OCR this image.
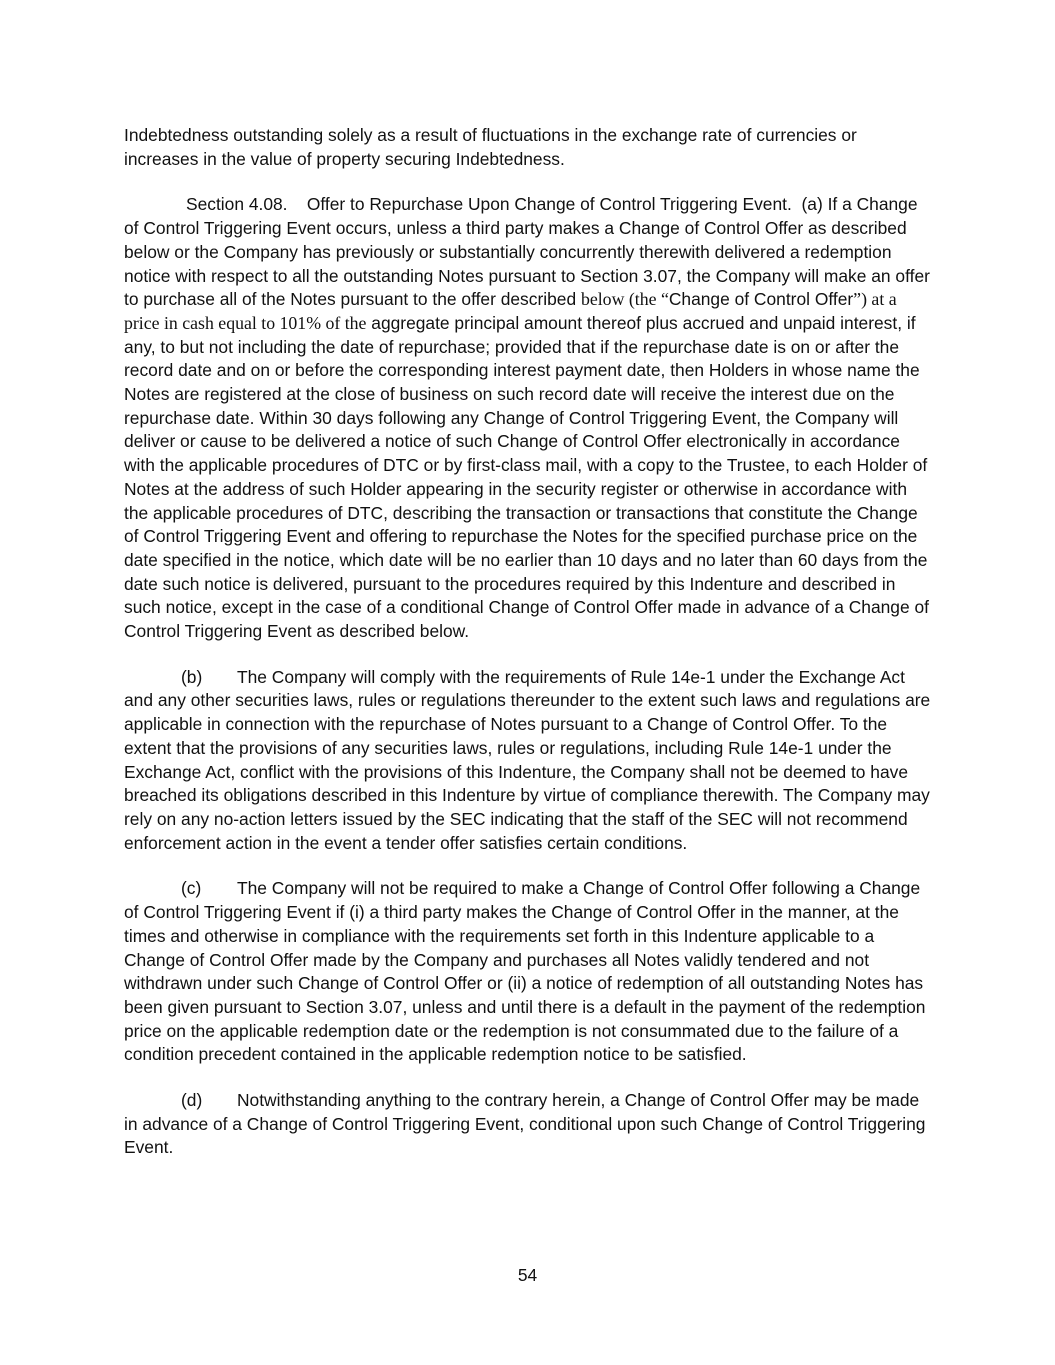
Indebtedness outstanding solely as a result of fluctuations in the exchange rate of currencies or increases in the value of property securing Indebtedness.

Section 4.08. Offer to Repurchase Upon Change of Control Triggering Event. (a) If a Change of Control Triggering Event occurs, unless a third party makes a Change of Control Offer as described below or the Company has previously or substantially concurrently therewith delivered a redemption notice with respect to all the outstanding Notes pursuant to Section 3.07, the Company will make an offer to purchase all of the Notes pursuant to the offer described below (the “Change of Control Offer”) at a price in cash equal to 101% of the aggregate principal amount thereof plus accrued and unpaid interest, if any, to but not including the date of repurchase; provided that if the repurchase date is on or after the record date and on or before the corresponding interest payment date, then Holders in whose name the Notes are registered at the close of business on such record date will receive the interest due on the repurchase date. Within 30 days following any Change of Control Triggering Event, the Company will deliver or cause to be delivered a notice of such Change of Control Offer electronically in accordance with the applicable procedures of DTC or by first-class mail, with a copy to the Trustee, to each Holder of Notes at the address of such Holder appearing in the security register or otherwise in accordance with the applicable procedures of DTC, describing the transaction or transactions that constitute the Change of Control Triggering Event and offering to repurchase the Notes for the specified purchase price on the date specified in the notice, which date will be no earlier than 10 days and no later than 60 days from the date such notice is delivered, pursuant to the procedures required by this Indenture and described in such notice, except in the case of a conditional Change of Control Offer made in advance of a Change of Control Triggering Event as described below.

(b) The Company will comply with the requirements of Rule 14e-1 under the Exchange Act and any other securities laws, rules or regulations thereunder to the extent such laws and regulations are applicable in connection with the repurchase of Notes pursuant to a Change of Control Offer. To the extent that the provisions of any securities laws, rules or regulations, including Rule 14e-1 under the Exchange Act, conflict with the provisions of this Indenture, the Company shall not be deemed to have breached its obligations described in this Indenture by virtue of compliance therewith. The Company may rely on any no-action letters issued by the SEC indicating that the staff of the SEC will not recommend enforcement action in the event a tender offer satisfies certain conditions.

(c) The Company will not be required to make a Change of Control Offer following a Change of Control Triggering Event if (i) a third party makes the Change of Control Offer in the manner, at the times and otherwise in compliance with the requirements set forth in this Indenture applicable to a Change of Control Offer made by the Company and purchases all Notes validly tendered and not withdrawn under such Change of Control Offer or (ii) a notice of redemption of all outstanding Notes has been given pursuant to Section 3.07, unless and until there is a default in the payment of the redemption price on the applicable redemption date or the redemption is not consummated due to the failure of a condition precedent contained in the applicable redemption notice to be satisfied.

(d) Notwithstanding anything to the contrary herein, a Change of Control Offer may be made in advance of a Change of Control Triggering Event, conditional upon such Change of Control Triggering Event.

54
